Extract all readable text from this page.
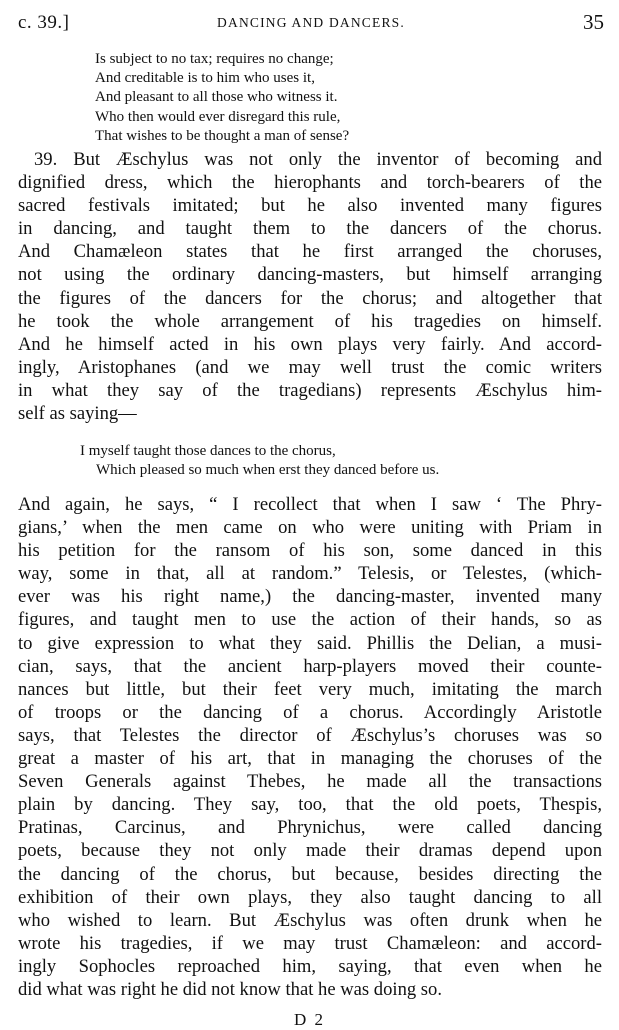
c. 39.]	DANCING AND DANCERS.	35
Is subject to no tax; requires no change;
And creditable is to him who uses it,
And pleasant to all those who witness it.
Who then would ever disregard this rule,
That wishes to be thought a man of sense?
39. But Æschylus was not only the inventor of becoming and
dignified dress, which the hierophants and torch-bearers of the
sacred festivals imitated; but he also invented many figures
in dancing, and taught them to the dancers of the chorus.
And Chamæleon states that he first arranged the choruses,
not using the ordinary dancing-masters, but himself arranging
the figures of the dancers for the chorus; and altogether that
he took the whole arrangement of his tragedies on himself.
And he himself acted in his own plays very fairly. And accord-
ingly, Aristophanes (and we may well trust the comic writers
in what they say of the tragedians) represents Æschylus him-
self as saying—
I myself taught those dances to the chorus,
Which pleased so much when erst they danced before us.
And again, he says, “ I recollect that when I saw ‘ The Phry-
gians,’ when the men came on who were uniting with Priam in
his petition for the ransom of his son, some danced in this
way, some in that, all at random.” Telesis, or Telestes, (which-
ever was his right name,) the dancing-master, invented many
figures, and taught men to use the action of their hands, so as
to give expression to what they said. Phillis the Delian, a musi-
cian, says, that the ancient harp-players moved their counte-
nances but little, but their feet very much, imitating the march
of troops or the dancing of a chorus. Accordingly Aristotle
says, that Telestes the director of Æschylus’s choruses was so
great a master of his art, that in managing the choruses of the
Seven Generals against Thebes, he made all the transactions
plain by dancing. They say, too, that the old poets, Thespis,
Pratinas, Carcinus, and Phrynichus, were called dancing
poets, because they not only made their dramas depend upon
the dancing of the chorus, but because, besides directing the
exhibition of their own plays, they also taught dancing to all
who wished to learn. But Æschylus was often drunk when he
wrote his tragedies, if we may trust Chamæleon: and accord-
ingly Sophocles reproached him, saying, that even when he
did what was right he did not know that he was doing so.
D 2
